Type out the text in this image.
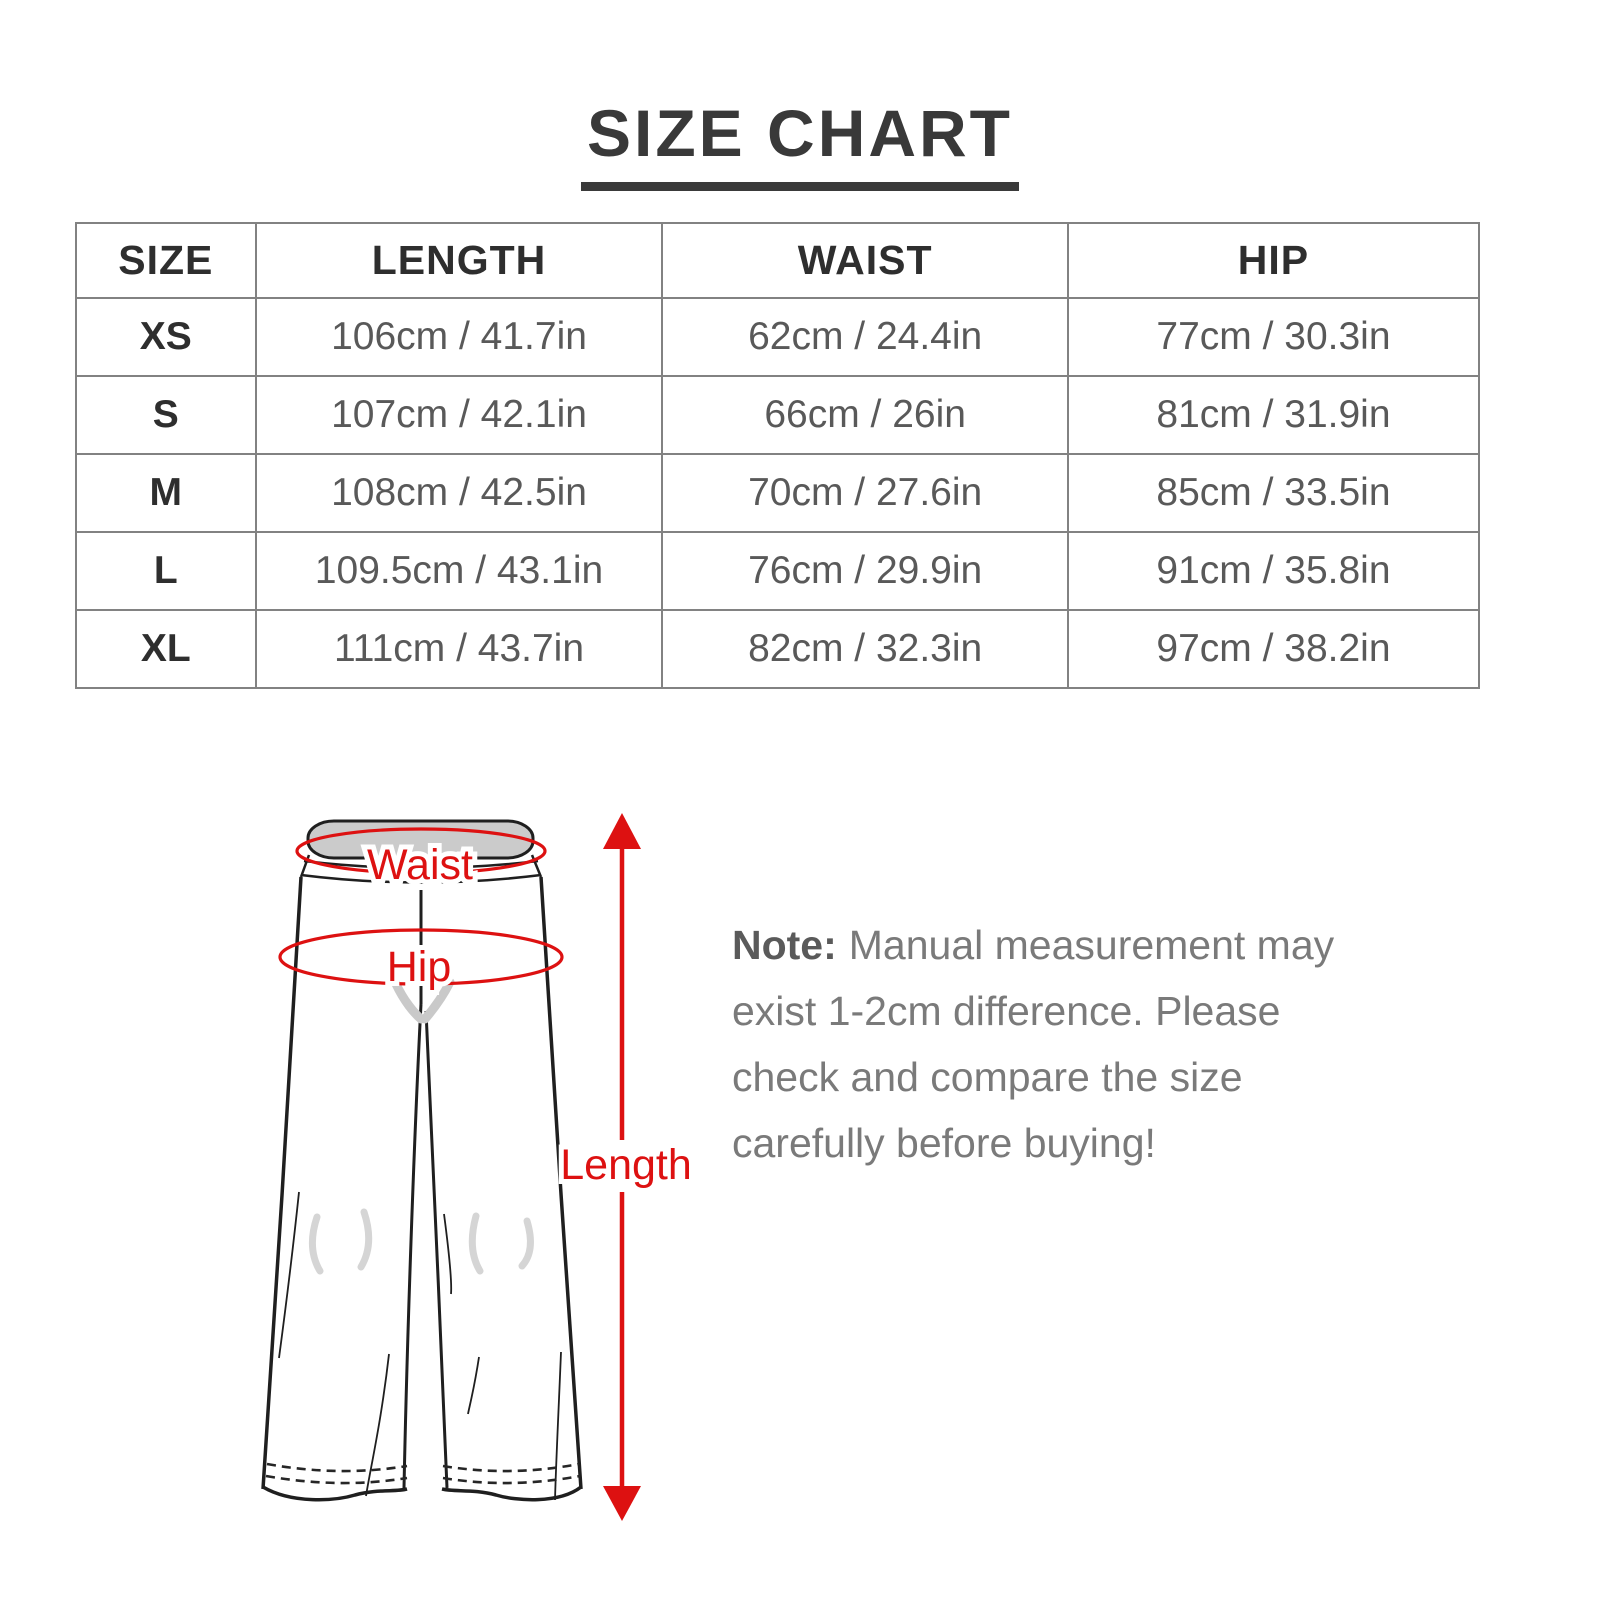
SIZE CHART
SIZE	LENGTH	WAIST	HIP
XS	106cm / 41.7in	62cm / 24.4in	77cm / 30.3in
S	107cm / 42.1in	66cm / 26in	81cm / 31.9in
M	108cm / 42.5in	70cm / 27.6in	85cm / 33.5in
L	109.5cm / 43.1in	76cm / 29.9in	91cm / 35.8in
XL	111cm / 43.7in	82cm / 32.3in	97cm / 38.2in
Waist
Hip
Length
Note: Manual measurement may
exist 1-2cm difference. Please
check and compare the size
carefully before buying!
